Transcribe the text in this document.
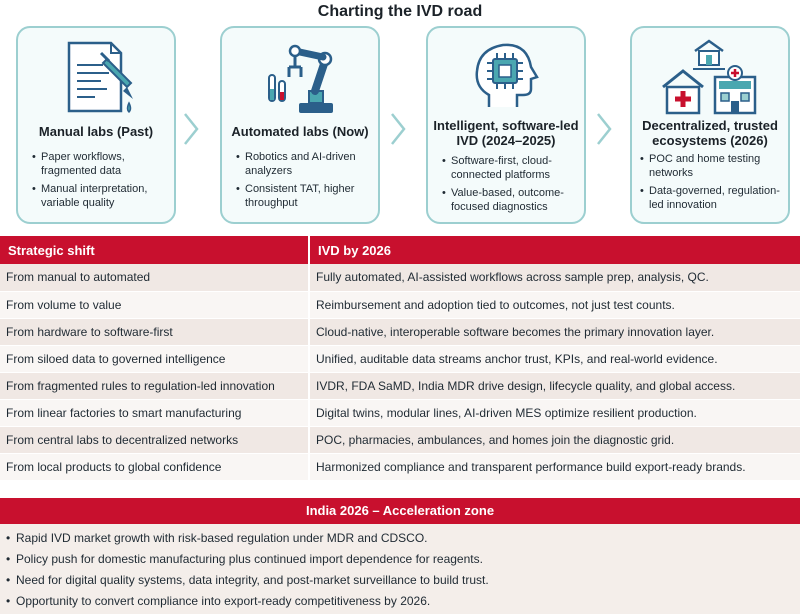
Charting the IVD road
Manual labs (Past)
• Paper workflows, fragmented data
• Manual interpretation, variable quality
Automated labs (Now)
• Robotics and AI-driven analyzers
• Consistent TAT, higher throughput
Intelligent, software-led IVD (2024–2025)
• Software-first, cloud-connected platforms
• Value-based, outcome-focused diagnostics
Decentralized, trusted ecosystems (2026)
• POC and home testing networks
• Data-governed, regulation-led innovation
Strategic shift	IVD by 2026
From manual to automated	Fully automated, AI-assisted workflows across sample prep, analysis, QC.
From volume to value	Reimbursement and adoption tied to outcomes, not just test counts.
From hardware to software-first	Cloud-native, interoperable software becomes the primary innovation layer.
From siloed data to governed intelligence	Unified, auditable data streams anchor trust, KPIs, and real-world evidence.
From fragmented rules to regulation-led innovation	IVDR, FDA SaMD, India MDR drive design, lifecycle quality, and global access.
From linear factories to smart manufacturing	Digital twins, modular lines, AI-driven MES optimize resilient production.
From central labs to decentralized networks	POC, pharmacies, ambulances, and homes join the diagnostic grid.
From local products to global confidence	Harmonized compliance and transparent performance build export-ready brands.
India 2026 – Acceleration zone
• Rapid IVD market growth with risk-based regulation under MDR and CDSCO.
• Policy push for domestic manufacturing plus continued import dependence for reagents.
• Need for digital quality systems, data integrity, and post-market surveillance to build trust.
• Opportunity to convert compliance into export-ready competitiveness by 2026.
